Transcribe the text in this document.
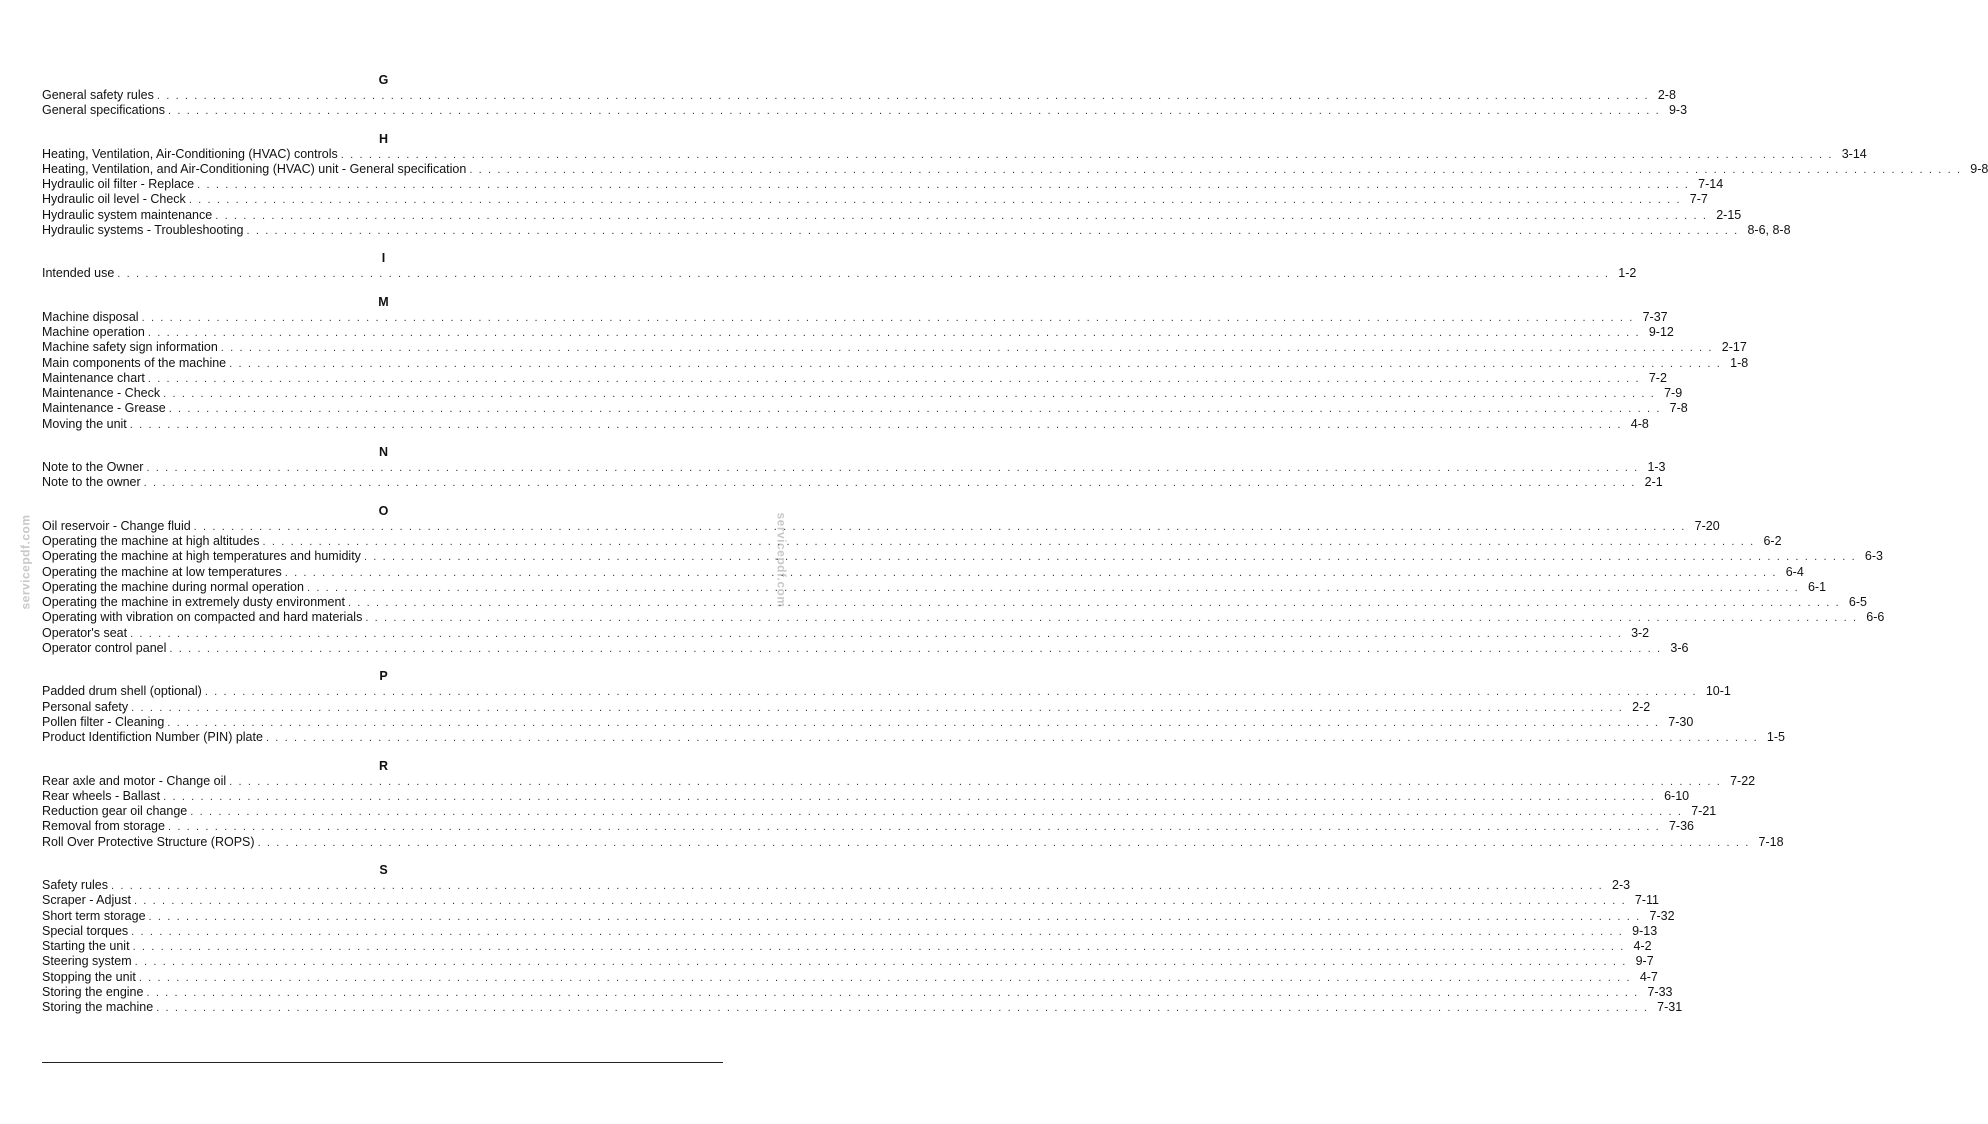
servicepdf.com	servicepdf.com
G
General safety rules ................................................................................................................................................................ 2-8
General specifications ................................................................................................................................................................ 9-3
H
Heating, Ventilation, Air-Conditioning (HVAC) controls ................................................................................................................................................................ 3-14
Heating, Ventilation, and Air-Conditioning (HVAC) unit - General specification ................................................................................................................................................................ 9-8
Hydraulic oil filter - Replace ................................................................................................................................................................ 7-14
Hydraulic oil level - Check ................................................................................................................................................................ 7-7
Hydraulic system maintenance ................................................................................................................................................................ 2-15
Hydraulic systems - Troubleshooting ................................................................................................................................................................ 8-6, 8-8
I
Intended use ................................................................................................................................................................ 1-2
M
Machine disposal ................................................................................................................................................................ 7-37
Machine operation ................................................................................................................................................................ 9-12
Machine safety sign information ................................................................................................................................................................ 2-17
Main components of the machine ................................................................................................................................................................ 1-8
Maintenance chart ................................................................................................................................................................ 7-2
Maintenance - Check ................................................................................................................................................................ 7-9
Maintenance - Grease ................................................................................................................................................................ 7-8
Moving the unit ................................................................................................................................................................ 4-8
N
Note to the Owner ................................................................................................................................................................ 1-3
Note to the owner ................................................................................................................................................................ 2-1
O
Oil reservoir - Change fluid ................................................................................................................................................................ 7-20
Operating the machine at high altitudes ................................................................................................................................................................ 6-2
Operating the machine at high temperatures and humidity ................................................................................................................................................................ 6-3
Operating the machine at low temperatures ................................................................................................................................................................ 6-4
Operating the machine during normal operation ................................................................................................................................................................ 6-1
Operating the machine in extremely dusty environment ................................................................................................................................................................ 6-5
Operating with vibration on compacted and hard materials ................................................................................................................................................................ 6-6
Operator's seat ................................................................................................................................................................ 3-2
Operator control panel ................................................................................................................................................................ 3-6
P
Padded drum shell (optional) ................................................................................................................................................................ 10-1
Personal safety ................................................................................................................................................................ 2-2
Pollen filter - Cleaning ................................................................................................................................................................ 7-30
Product Identifiction Number (PIN) plate ................................................................................................................................................................ 1-5
R
Rear axle and motor - Change oil ................................................................................................................................................................ 7-22
Rear wheels - Ballast ................................................................................................................................................................ 6-10
Reduction gear oil change ................................................................................................................................................................ 7-21
Removal from storage ................................................................................................................................................................ 7-36
Roll Over Protective Structure (ROPS) ................................................................................................................................................................ 7-18
S
Safety rules ................................................................................................................................................................ 2-3
Scraper - Adjust ................................................................................................................................................................ 7-11
Short term storage ................................................................................................................................................................ 7-32
Special torques ................................................................................................................................................................ 9-13
Starting the unit ................................................................................................................................................................ 4-2
Steering system ................................................................................................................................................................ 9-7
Stopping the unit ................................................................................................................................................................ 4-7
Storing the engine ................................................................................................................................................................ 7-33
Storing the machine ................................................................................................................................................................ 7-31
